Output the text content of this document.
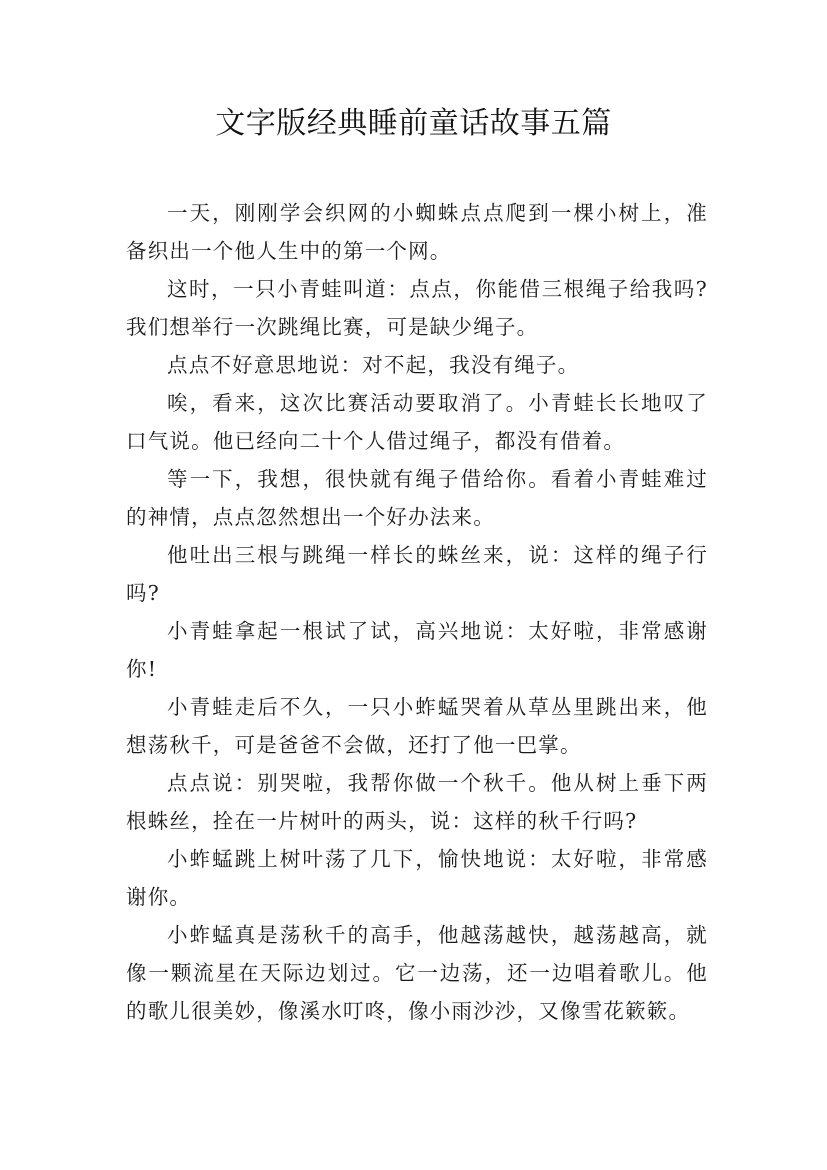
文字版经典睡前童话故事五篇

一天，刚刚学会织网的小蜘蛛点点爬到一棵小树上，准备织出一个他人生中的第一个网。

这时，一只小青蛙叫道：点点，你能借三根绳子给我吗?我们想举行一次跳绳比赛，可是缺少绳子。

点点不好意思地说：对不起，我没有绳子。

唉，看来，这次比赛活动要取消了。小青蛙长长地叹了口气说。他已经向二十个人借过绳子，都没有借着。

等一下，我想，很快就有绳子借给你。看着小青蛙难过的神情，点点忽然想出一个好办法来。

他吐出三根与跳绳一样长的蛛丝来，说：这样的绳子行吗?

小青蛙拿起一根试了试，高兴地说：太好啦，非常感谢你!

小青蛙走后不久，一只小蚱蜢哭着从草丛里跳出来，他想荡秋千，可是爸爸不会做，还打了他一巴掌。

点点说：别哭啦，我帮你做一个秋千。他从树上垂下两根蛛丝，拴在一片树叶的两头，说：这样的秋千行吗?

小蚱蜢跳上树叶荡了几下，愉快地说：太好啦，非常感谢你。

小蚱蜢真是荡秋千的高手，他越荡越快，越荡越高，就像一颗流星在天际边划过。它一边荡，还一边唱着歌儿。他的歌儿很美妙，像溪水叮咚，像小雨沙沙，又像雪花簌簌。
